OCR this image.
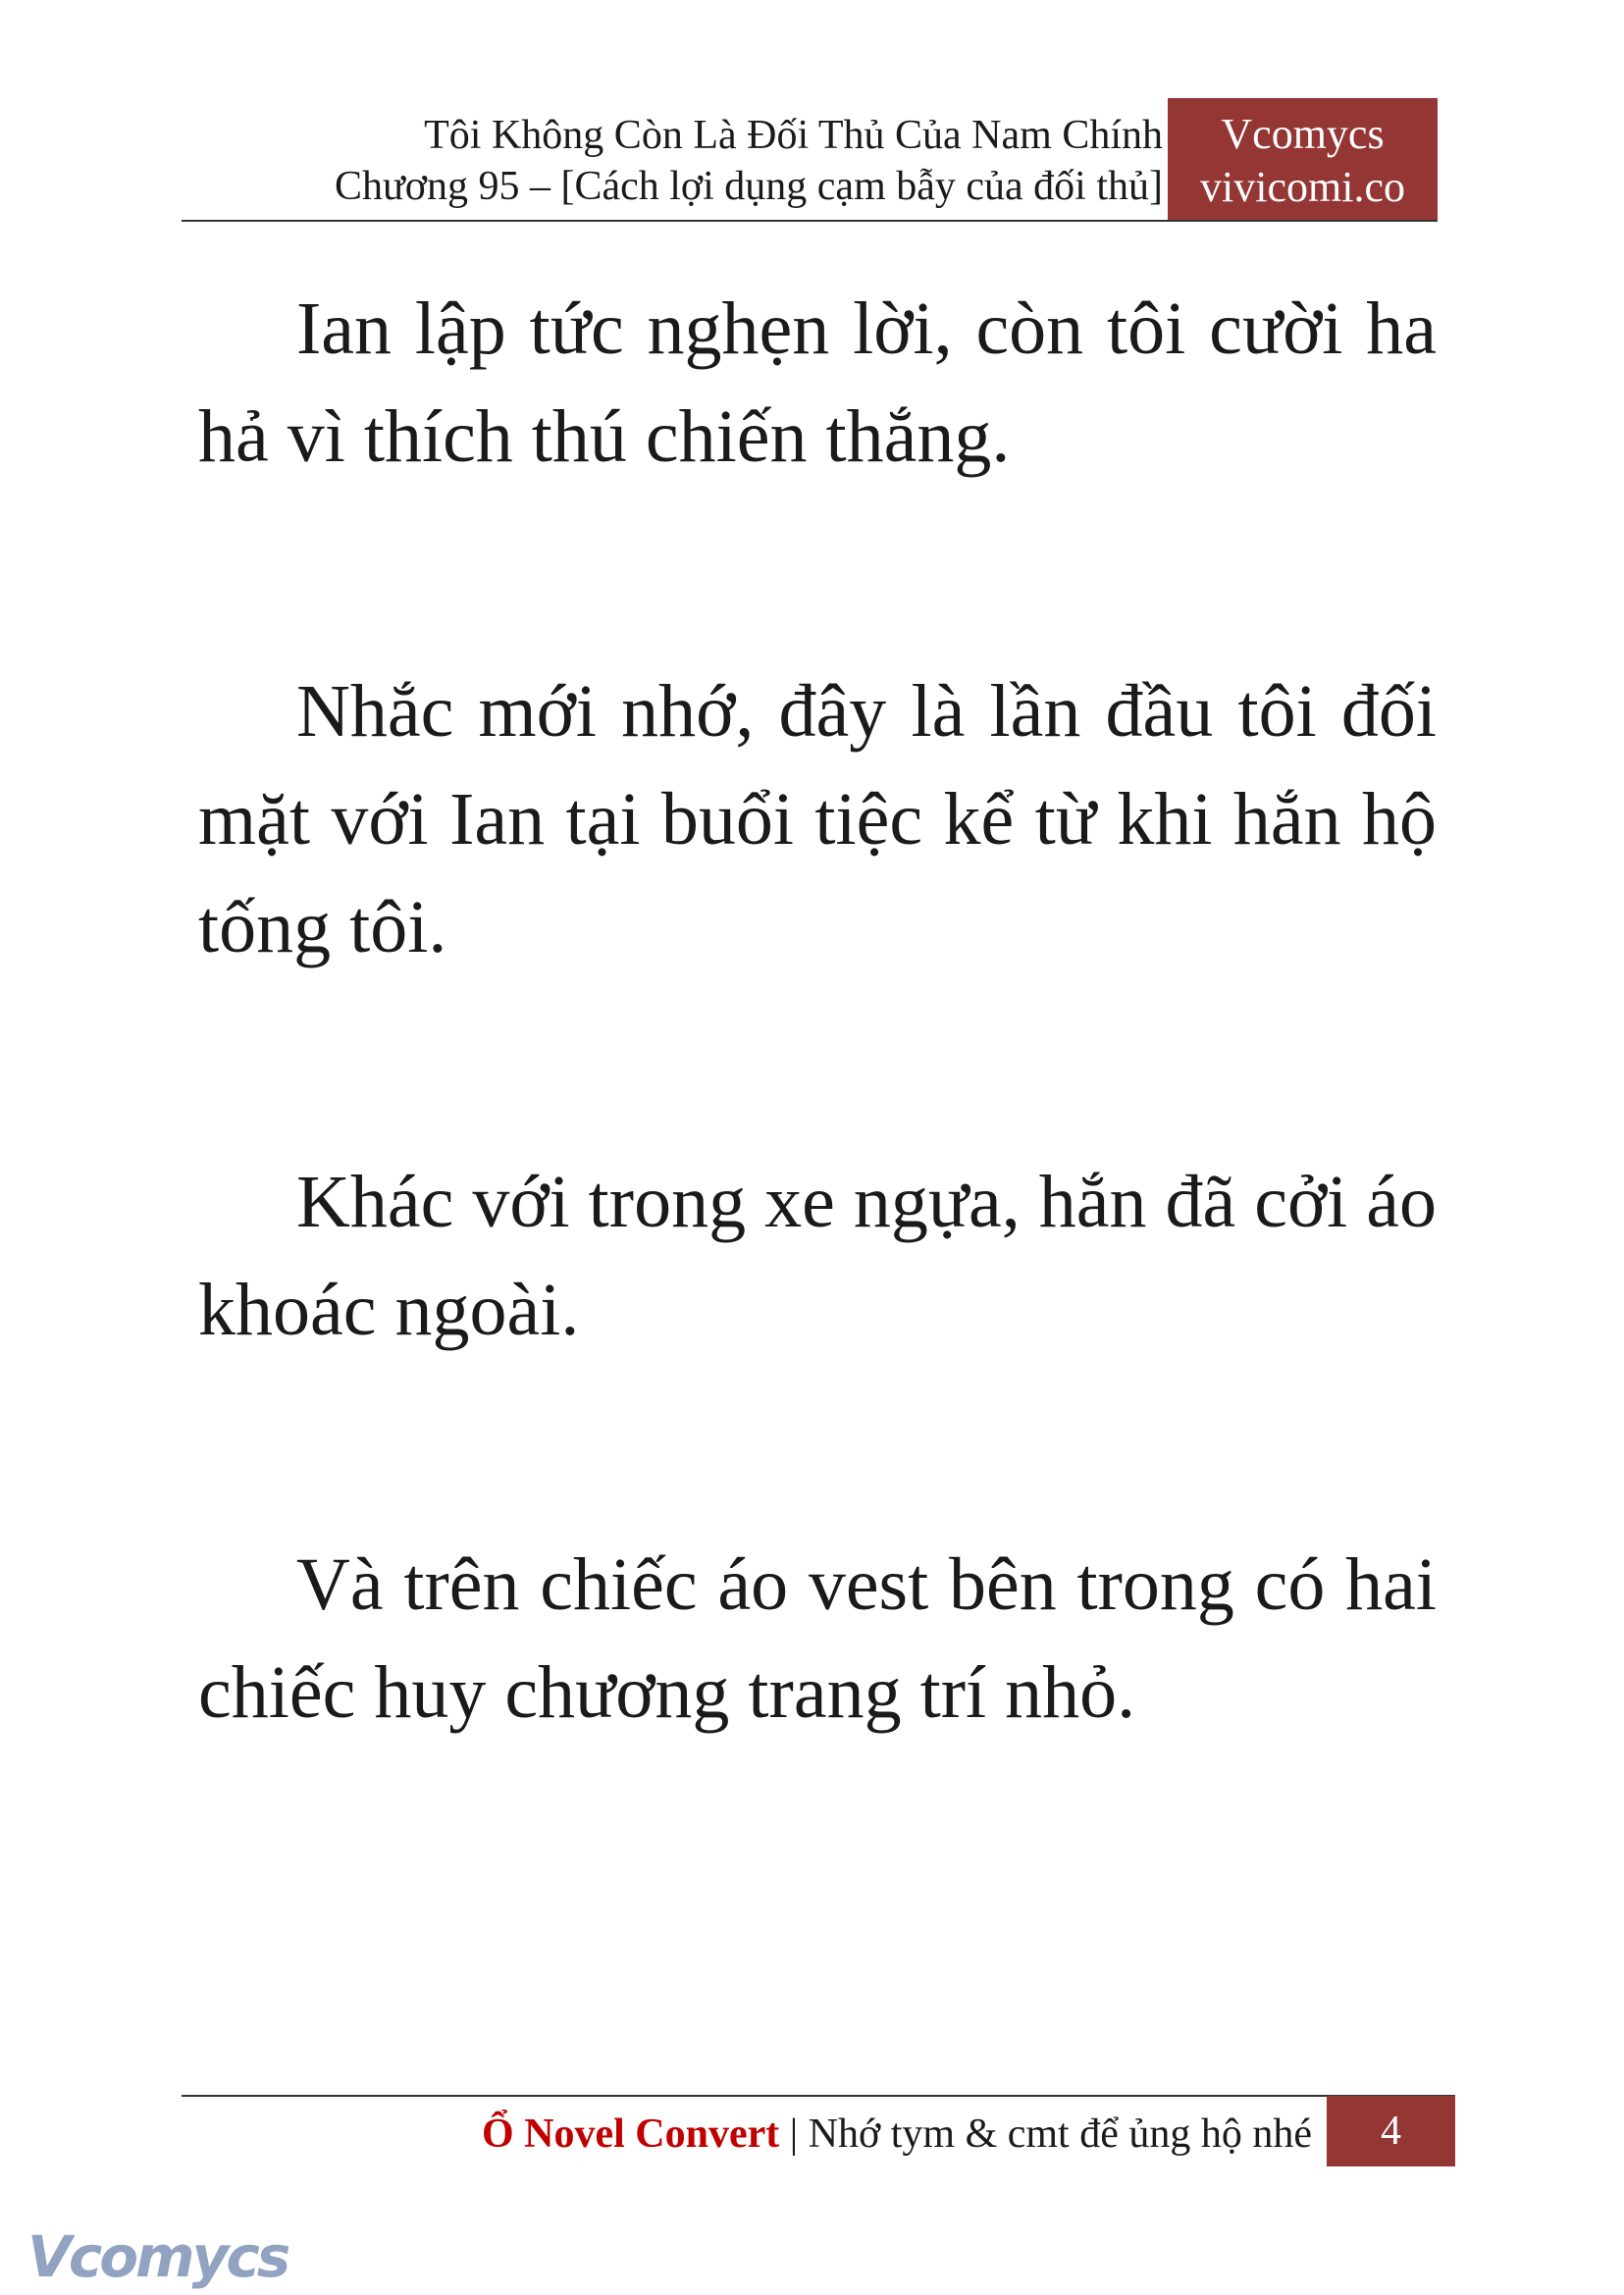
Tôi Không Còn Là Đối Thủ Của Nam Chính
Chương 95 – [Cách lợi dụng cạm bẫy của đối thủ]
Vcomycs
vivicomi.co

Ian lập tức nghẹn lời, còn tôi cười ha hả vì thích thú chiến thắng.

Nhắc mới nhớ, đây là lần đầu tôi đối mặt với Ian tại buổi tiệc kể từ khi hắn hộ tống tôi.

Khác với trong xe ngựa, hắn đã cởi áo khoác ngoài.

Và trên chiếc áo vest bên trong có hai chiếc huy chương trang trí nhỏ.

Ổ Novel Convert | Nhớ tym & cmt để ủng hộ nhé	4
Vcomycs
